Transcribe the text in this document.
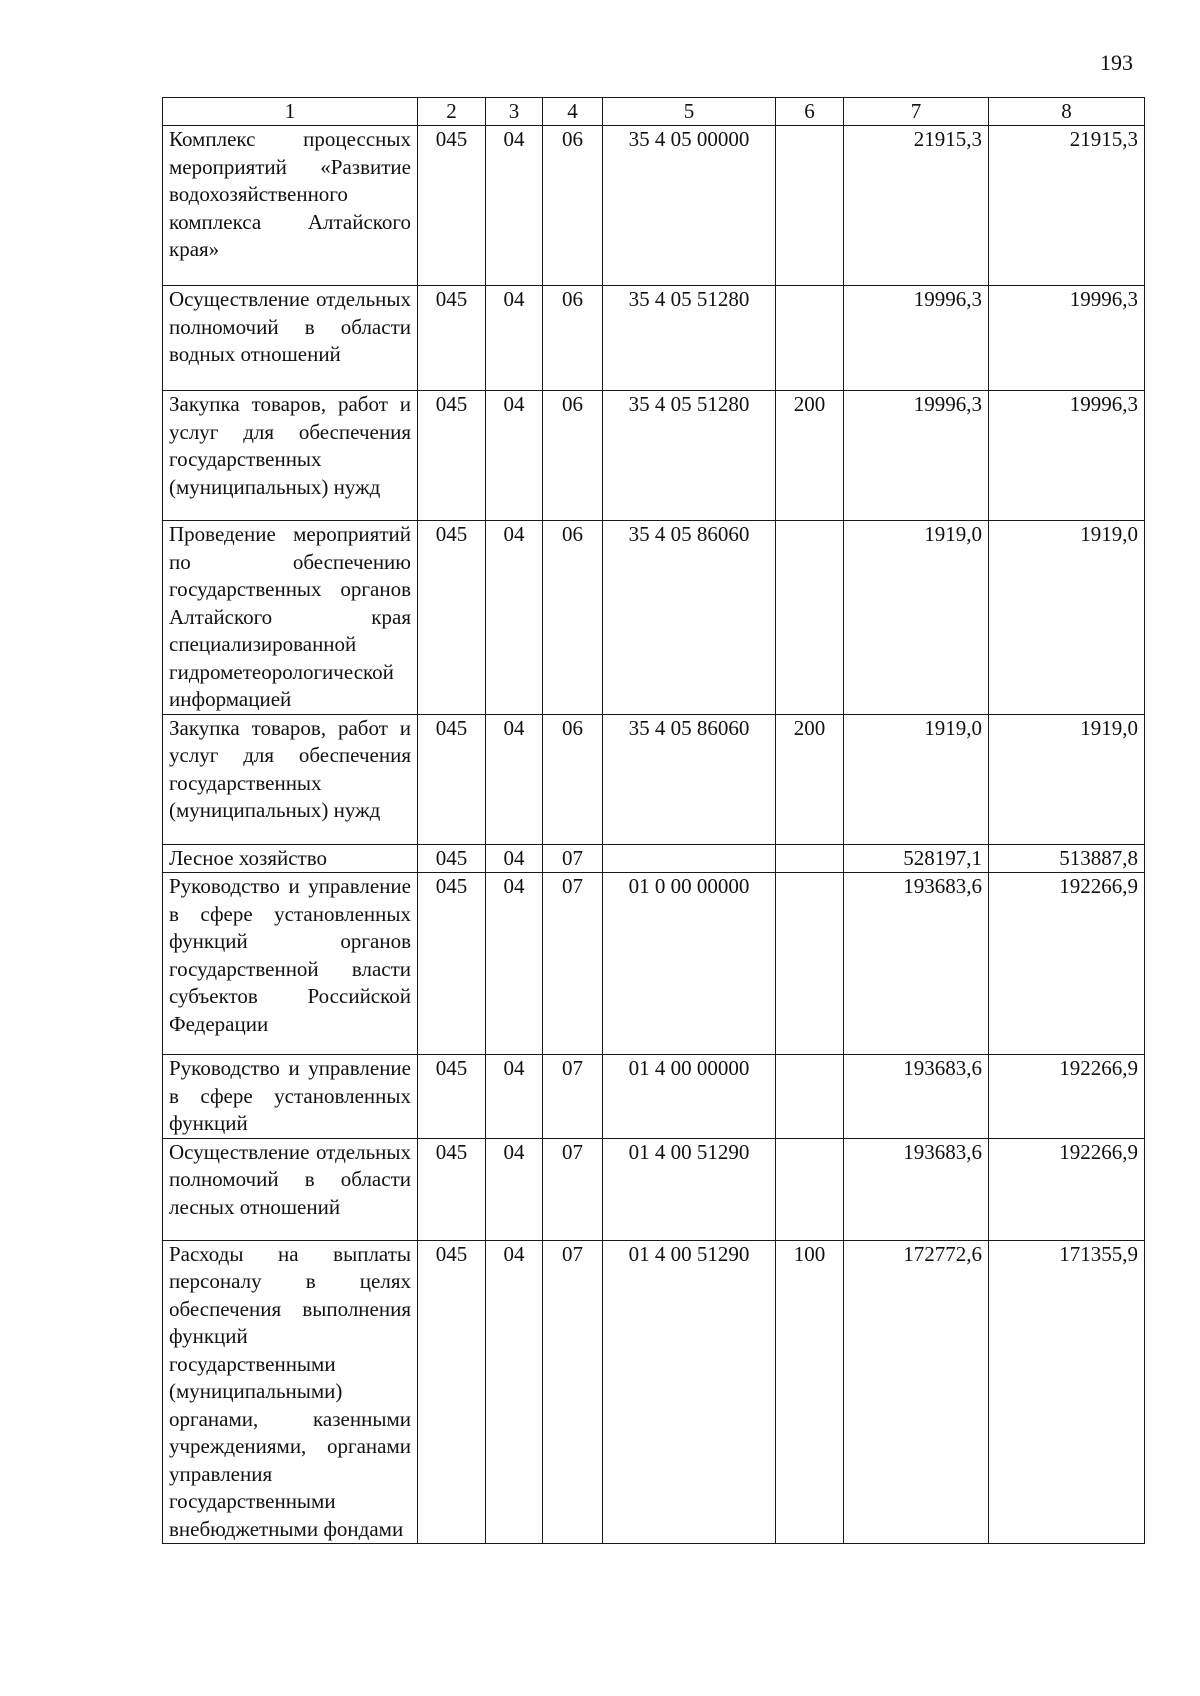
193
1	2	3	4	5	6	7	8
Комплекс процессных мероприятий «Развитие водохозяйственного комплекса Алтайского края»	045	04	06	35 4 05 00000		21915,3	21915,3
Осуществление отдельных полномочий в области водных отношений	045	04	06	35 4 05 51280		19996,3	19996,3
Закупка товаров, работ и услуг для обеспечения государственных (муниципальных) нужд	045	04	06	35 4 05 51280	200	19996,3	19996,3
Проведение мероприятий по обеспечению государственных органов Алтайского края специализированной гидрометеорологической информацией	045	04	06	35 4 05 86060		1919,0	1919,0
Закупка товаров, работ и услуг для обеспечения государственных (муниципальных) нужд	045	04	06	35 4 05 86060	200	1919,0	1919,0
Лесное хозяйство	045	04	07			528197,1	513887,8
Руководство и управление в сфере установленных функций органов государственной власти субъектов Российской Федерации	045	04	07	01 0 00 00000		193683,6	192266,9
Руководство и управление в сфере установленных функций	045	04	07	01 4 00 00000		193683,6	192266,9
Осуществление отдельных полномочий в области лесных отношений	045	04	07	01 4 00 51290		193683,6	192266,9
Расходы на выплаты персоналу в целях обеспечения выполнения функций государственными (муниципальными) органами, казенными учреждениями, органами управления государственными внебюджетными фондами	045	04	07	01 4 00 51290	100	172772,6	171355,9
